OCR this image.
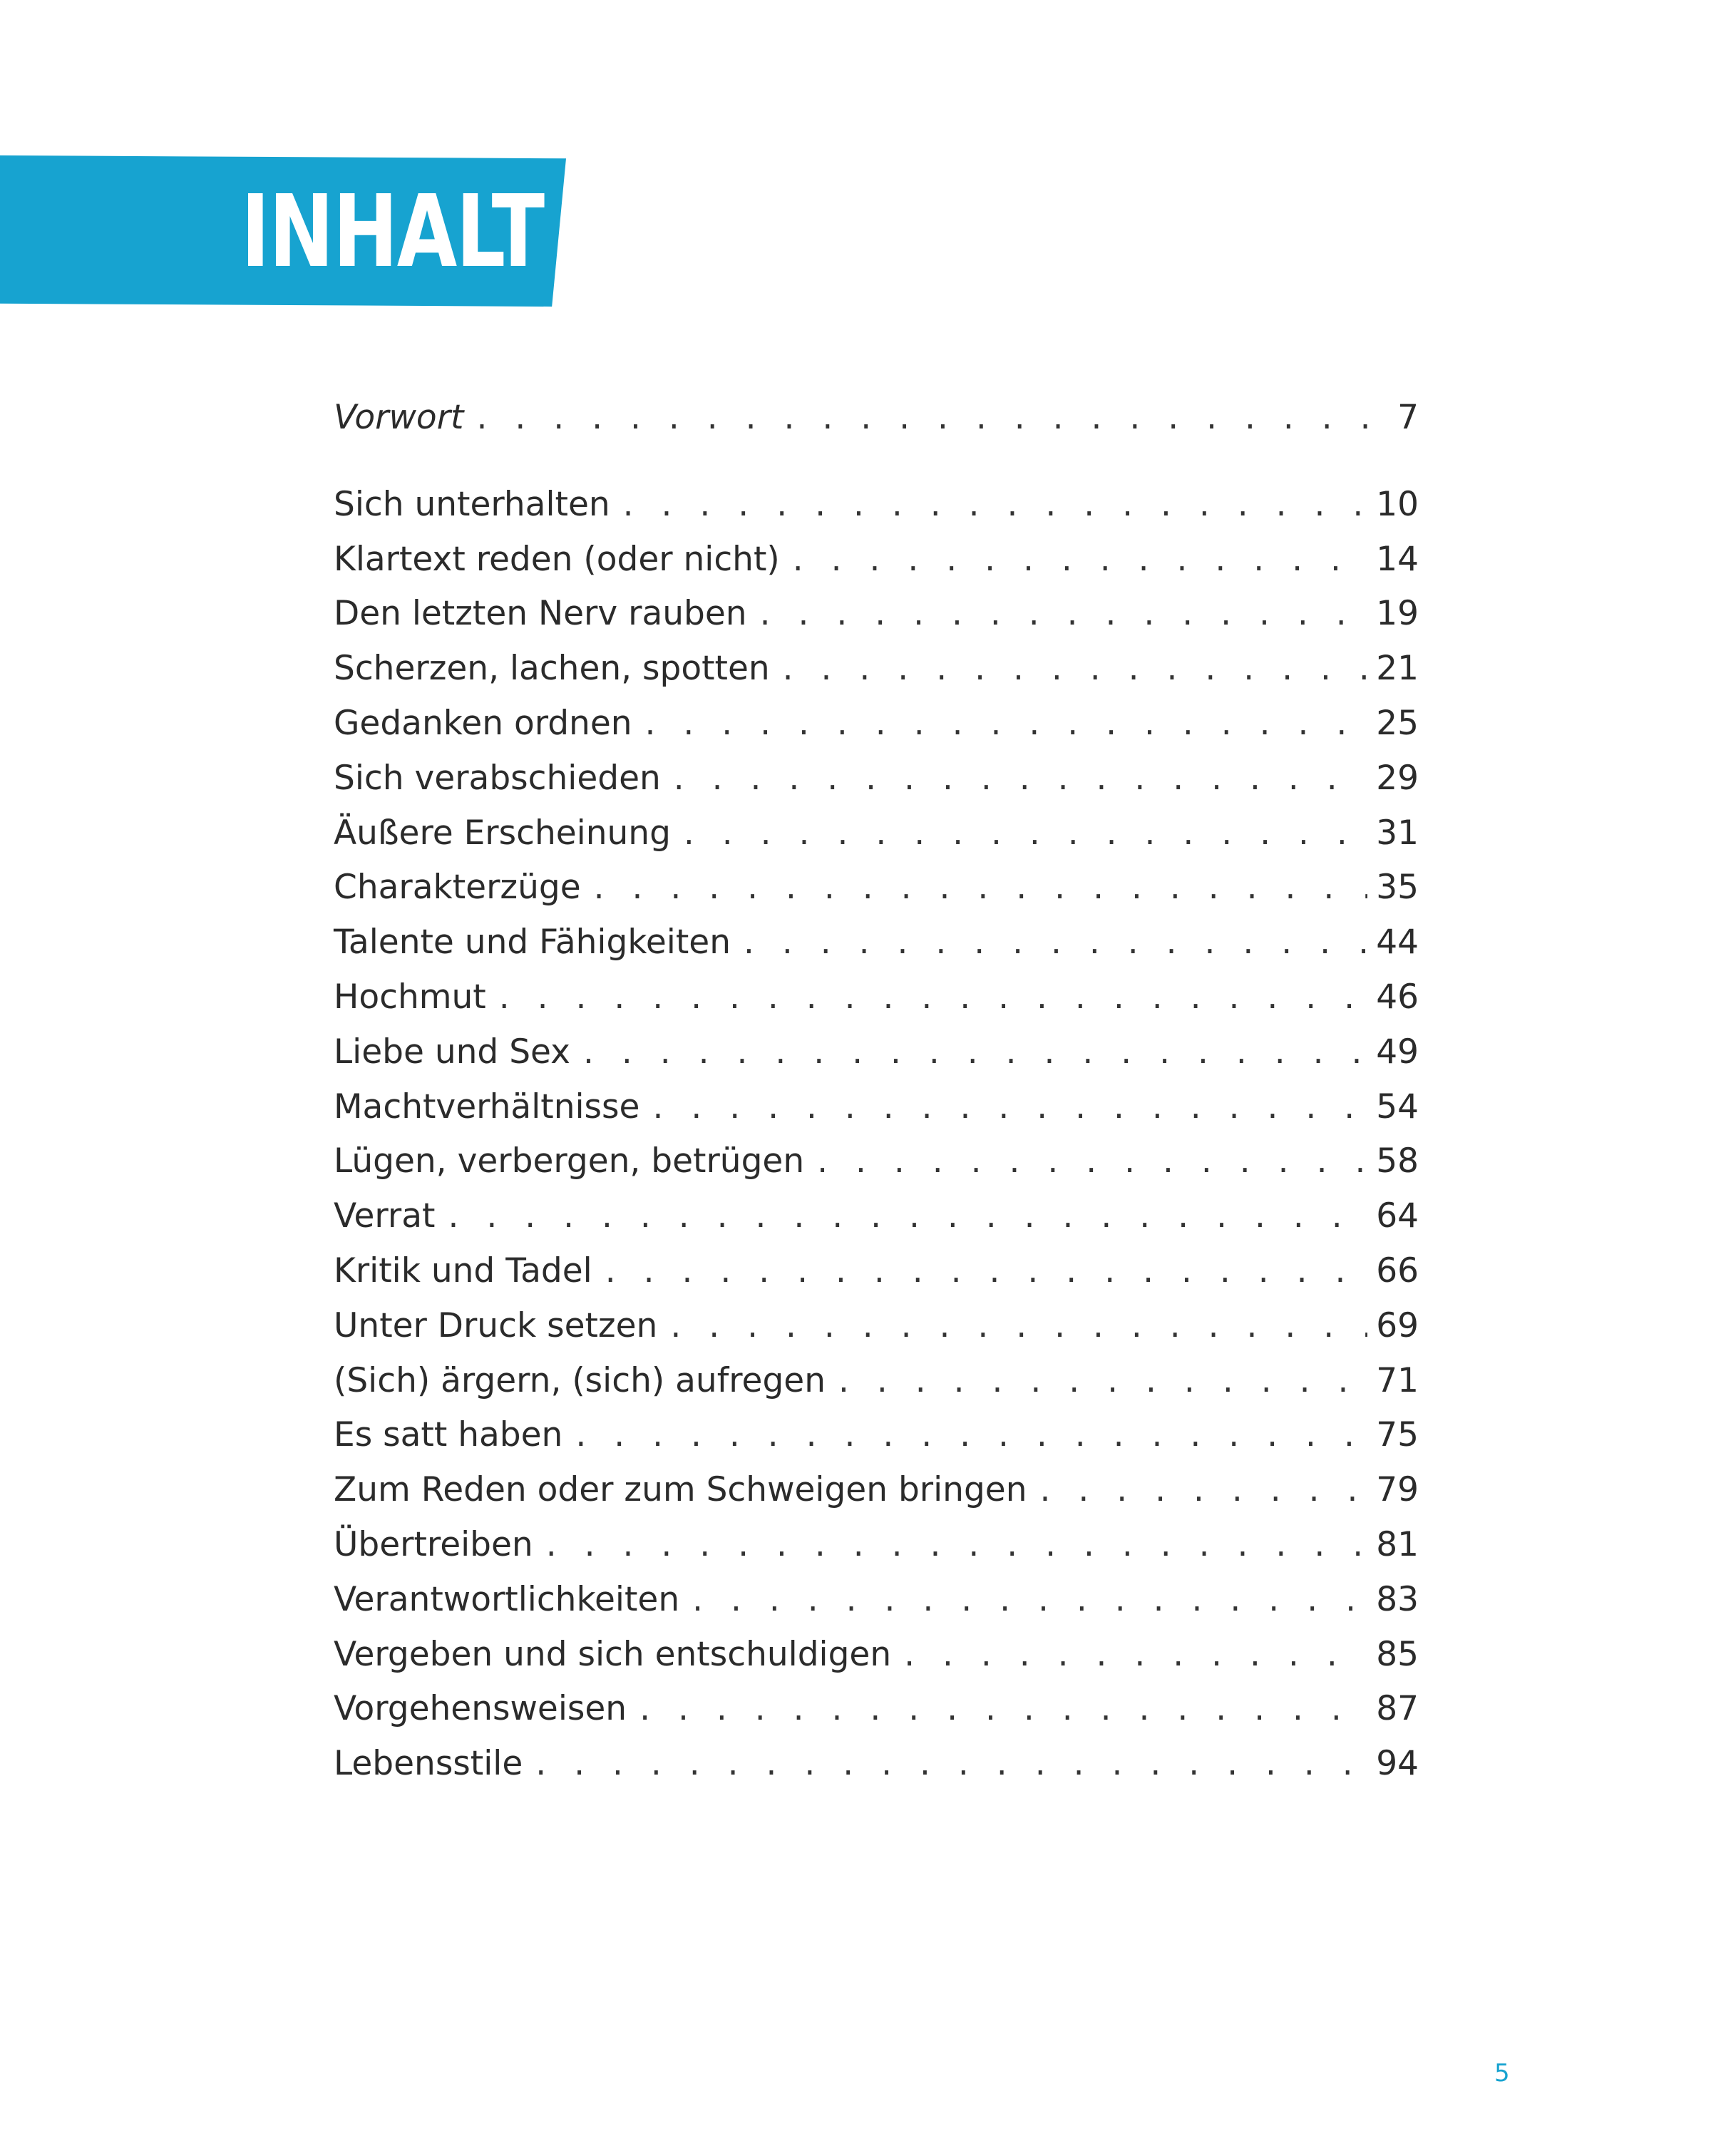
INHALT
Vorwort . . .	7
Sich unterhalten . . .	10
Klartext reden (oder nicht) . . .	14
Den letzten Nerv rauben . . .	19
Scherzen, lachen, spotten . . .	21
Gedanken ordnen . . .	25
Sich verabschieden . . .	29
Äußere Erscheinung . . .	31
Charakterzüge . . .	35
Talente und Fähigkeiten . . .	44
Hochmut . . .	46
Liebe und Sex . . .	49
Machtverhältnisse . . .	54
Lügen, verbergen, betrügen . . .	58
Verrat . . .	64
Kritik und Tadel . . .	66
Unter Druck setzen . . .	69
(Sich) ärgern, (sich) aufregen . . .	71
Es satt haben . . .	75
Zum Reden oder zum Schweigen bringen . . .	79
Übertreiben . . .	81
Verantwortlichkeiten . . .	83
Vergeben und sich entschuldigen . . .	85
Vorgehensweisen . . .	87
Lebensstile . . .	94
5
